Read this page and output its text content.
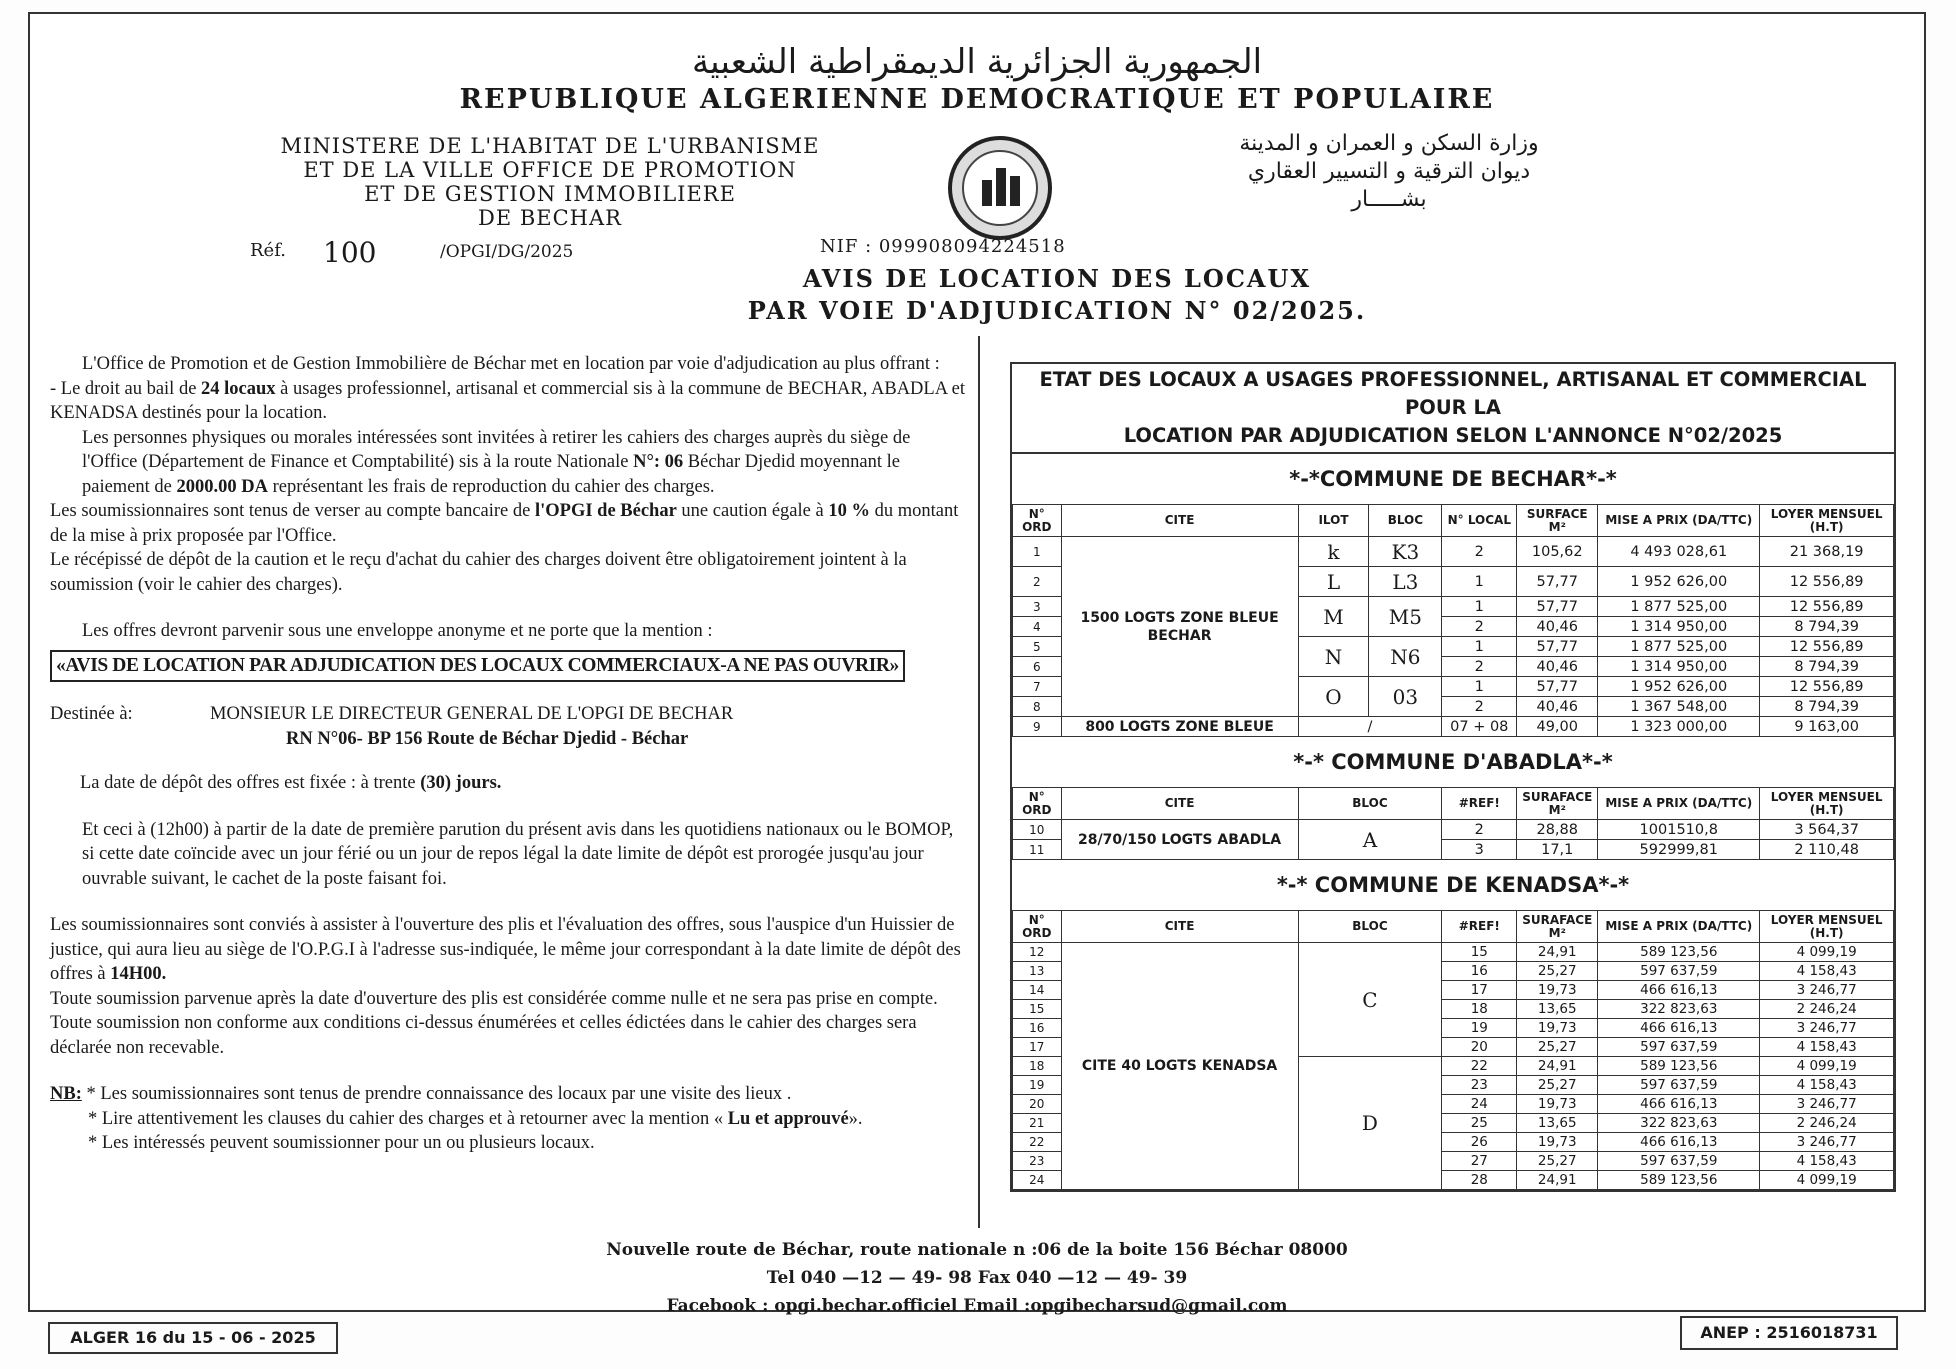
الجمهورية الجزائرية الديمقراطية الشعبية
REPUBLIQUE ALGERIENNE DEMOCRATIQUE ET POPULAIRE
MINISTERE DE L'HABITAT DE L'URBANISME
ET DE LA VILLE OFFICE DE PROMOTION
ET DE GESTION IMMOBILIERE
DE BECHAR
وزارة السكن و العمران و المدينة
ديوان الترقية و التسيير العقاري
بشـــــار
Réf. 100	/OPGI/DG/2025	NIF : 099908094224518
AVIS DE LOCATION DES LOCAUX
PAR VOIE D'ADJUDICATION N° 02/2025.

L'Office de Promotion et de Gestion Immobilière de Béchar met en location par voie d'adjudication au plus offrant :

- Le droit au bail de 24 locaux à usages professionnel, artisanal et commercial sis à la commune de BECHAR, ABADLA et KENADSA destinés pour la location.

Les personnes physiques ou morales intéressées sont invitées à retirer les cahiers des charges auprès du siège de l'Office (Département de Finance et Comptabilité) sis à la route Nationale N°: 06 Béchar Djedid moyennant le paiement de 2000.00 DA représentant les frais de reproduction du cahier des charges.

Les soumissionnaires sont tenus de verser au compte bancaire de l'OPGI de Béchar une caution égale à 10 % du montant de la mise à prix proposée par l'Office.

Le récépissé de dépôt de la caution et le reçu d'achat du cahier des charges doivent être obligatoirement jointent à la soumission (voir le cahier des charges).

Les offres devront parvenir sous une enveloppe anonyme et ne porte que la mention :

«AVIS DE LOCATION PAR ADJUDICATION DES LOCAUX COMMERCIAUX-A NE PAS OUVRIR»
Destinée à:	MONSIEUR LE DIRECTEUR GENERAL DE L'OPGI DE BECHAR
RN N°06- BP 156 Route de Béchar Djedid - Béchar

La date de dépôt des offres est fixée : à trente (30) jours.

Et ceci à (12h00) à partir de la date de première parution du présent avis dans les quotidiens nationaux ou le BOMOP, si cette date coïncide avec un jour férié ou un jour de repos légal la date limite de dépôt est prorogée jusqu'au jour ouvrable suivant, le cachet de la poste faisant foi.

Les soumissionnaires sont conviés à assister à l'ouverture des plis et l'évaluation des offres, sous l'auspice d'un Huissier de justice, qui aura lieu au siège de l'O.P.G.I à l'adresse sus-indiquée, le même jour correspondant à la date limite de dépôt des offres à 14H00.

Toute soumission parvenue après la date d'ouverture des plis est considérée comme nulle et ne sera pas prise en compte.

Toute soumission non conforme aux conditions ci-dessus énumérées et celles édictées dans le cahier des charges sera déclarée non recevable.

NB: * Les soumissionnaires sont tenus de prendre connaissance des locaux par une visite des lieux .

* Lire attentivement les clauses du cahier des charges et à retourner avec la mention « Lu et approuvé».

* Les intéressés peuvent soumissionner pour un ou plusieurs locaux.

ETAT DES LOCAUX A USAGES PROFESSIONNEL, ARTISANAL ET COMMERCIAL POUR LA
LOCATION PAR ADJUDICATION SELON L'ANNONCE N°02/2025
*-*COMMUNE DE BECHAR*-*
N° ORD	CITE	ILOT	BLOC	N° LOCAL	SURFACE M²	MISE A PRIX (DA/TTC)	LOYER MENSUEL (H.T)
1	1500 LOGTS ZONE BLEUE BECHAR	k	K3	2	105,62	4 493 028,61	21 368,19
2		L	L3	1	57,77	1 952 626,00	12 556,89
3		M	M5	1	57,77	1 877 525,00	12 556,89
4				2	40,46	1 314 950,00	8 794,39
5		N	N6	1	57,77	1 877 525,00	12 556,89
6				2	40,46	1 314 950,00	8 794,39
7		O	03	1	57,77	1 952 626,00	12 556,89
8				2	40,46	1 367 548,00	8 794,39
9	800 LOGTS ZONE BLEUE	/		07 + 08	49,00	1 323 000,00	9 163,00
*-* COMMUNE D'ABADLA*-*
N° ORD	CITE	BLOC	#REF!	SURAFACE M²	MISE A PRIX (DA/TTC)	LOYER MENSUEL (H.T)
10	28/70/150 LOGTS ABADLA	A	2	28,88	1001510,8	3 564,37
11			3	17,1	592999,81	2 110,48
*-* COMMUNE DE KENADSA*-*
N° ORD	CITE	BLOC	#REF!	SURAFACE M²	MISE A PRIX (DA/TTC)	LOYER MENSUEL (H.T)
12	CITE 40 LOGTS KENADSA	C	15	24,91	589 123,56	4 099,19
13			16	25,27	597 637,59	4 158,43
14			17	19,73	466 616,13	3 246,77
15			18	13,65	322 823,63	2 246,24
16			19	19,73	466 616,13	3 246,77
17			20	25,27	597 637,59	4 158,43
18		D	22	24,91	589 123,56	4 099,19
19			23	25,27	597 637,59	4 158,43
20			24	19,73	466 616,13	3 246,77
21			25	13,65	322 823,63	2 246,24
22			26	19,73	466 616,13	3 246,77
23			27	25,27	597 637,59	4 158,43
24			28	24,91	589 123,56	4 099,19
Nouvelle route de Béchar, route nationale n :06 de la boite 156 Béchar 08000
Tel 040 —12 — 49- 98 Fax 040 —12 — 49- 39
Facebook : opgi.bechar.officiel Email :opgibecharsud@gmail.com
ALGER 16 du 15 - 06 - 2025	ANEP : 2516018731
